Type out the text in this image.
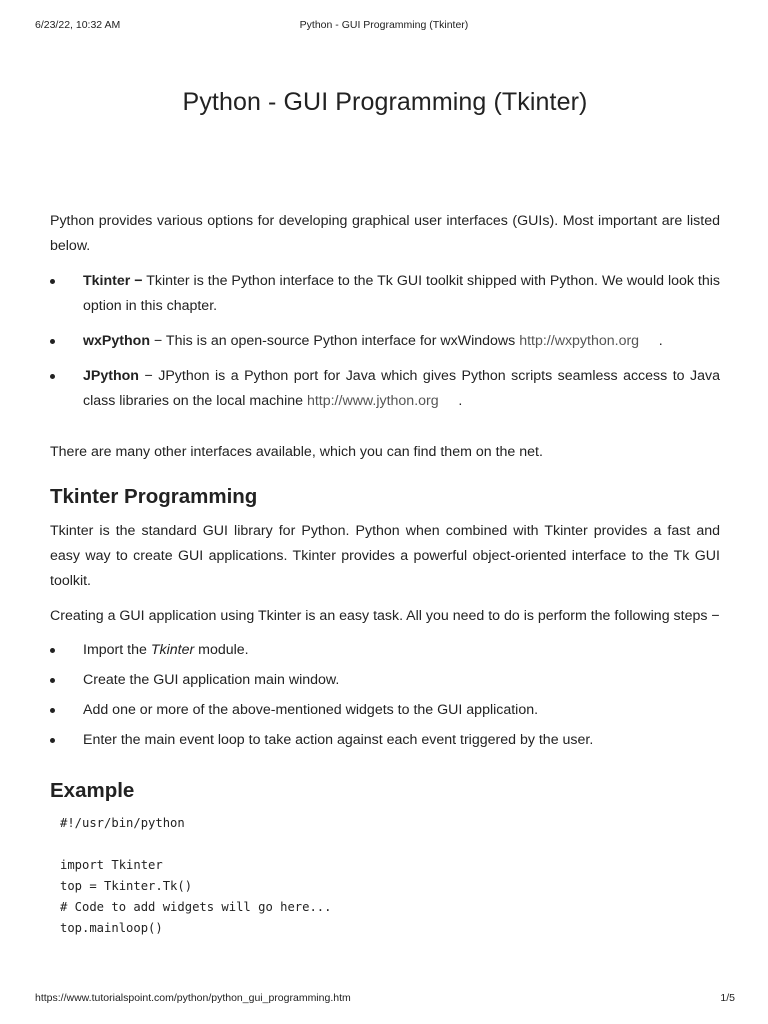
6/23/22, 10:32 AM	Python - GUI Programming (Tkinter)
Python - GUI Programming (Tkinter)

Python provides various options for developing graphical user interfaces (GUIs). Most important are listed below.

Tkinter − Tkinter is the Python interface to the Tk GUI toolkit shipped with Python. We would look this option in this chapter.
wxPython − This is an open-source Python interface for wxWindows http://wxpython.org     .
JPython − JPython is a Python port for Java which gives Python scripts seamless access to Java class libraries on the local machine http://www.jython.org     .

There are many other interfaces available, which you can find them on the net.

Tkinter Programming

Tkinter is the standard GUI library for Python. Python when combined with Tkinter provides a fast and easy way to create GUI applications. Tkinter provides a powerful object-oriented interface to the Tk GUI toolkit.

Creating a GUI application using Tkinter is an easy task. All you need to do is perform the following steps −

Import the Tkinter module.
Create the GUI application main window.
Add one or more of the above-mentioned widgets to the GUI application.
Enter the main event loop to take action against each event triggered by the user.
Example
#!/usr/bin/python

import Tkinter
top = Tkinter.Tk()
# Code to add widgets will go here...
top.mainloop()
https://www.tutorialspoint.com/python/python_gui_programming.htm	1/5
